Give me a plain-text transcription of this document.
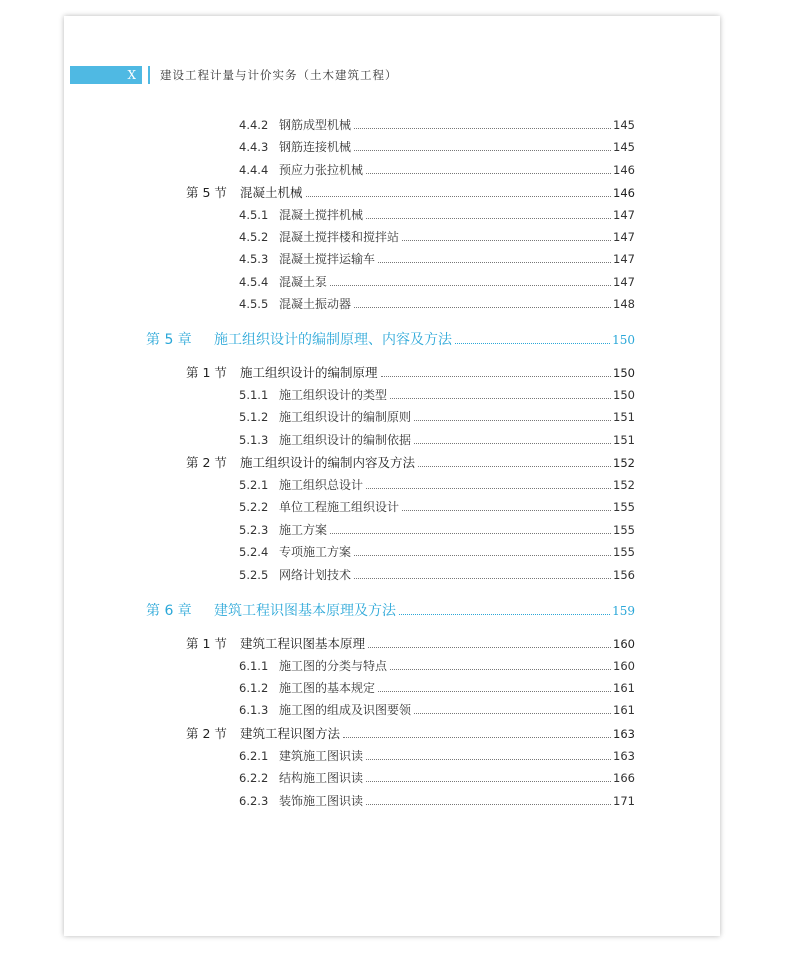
X	建设工程计量与计价实务（土木建筑工程）
4.4.2 钢筋成型机械	145
4.4.3 钢筋连接机械	145
4.4.4 预应力张拉机械	146
第 5 节	混凝土机械	146
4.5.1 混凝土搅拌机械	147
4.5.2 混凝土搅拌楼和搅拌站	147
4.5.3 混凝土搅拌运输车	147
4.5.4 混凝土泵	147
4.5.5 混凝土振动器	148
第 5 章	施工组织设计的编制原理、内容及方法	150
第 1 节	施工组织设计的编制原理	150
5.1.1 施工组织设计的类型	150
5.1.2 施工组织设计的编制原则	151
5.1.3 施工组织设计的编制依据	151
第 2 节	施工组织设计的编制内容及方法	152
5.2.1 施工组织总设计	152
5.2.2 单位工程施工组织设计	155
5.2.3 施工方案	155
5.2.4 专项施工方案	155
5.2.5 网络计划技术	156
第 6 章	建筑工程识图基本原理及方法	159
第 1 节	建筑工程识图基本原理	160
6.1.1 施工图的分类与特点	160
6.1.2 施工图的基本规定	161
6.1.3 施工图的组成及识图要领	161
第 2 节	建筑工程识图方法	163
6.2.1 建筑施工图识读	163
6.2.2 结构施工图识读	166
6.2.3 装饰施工图识读	171
